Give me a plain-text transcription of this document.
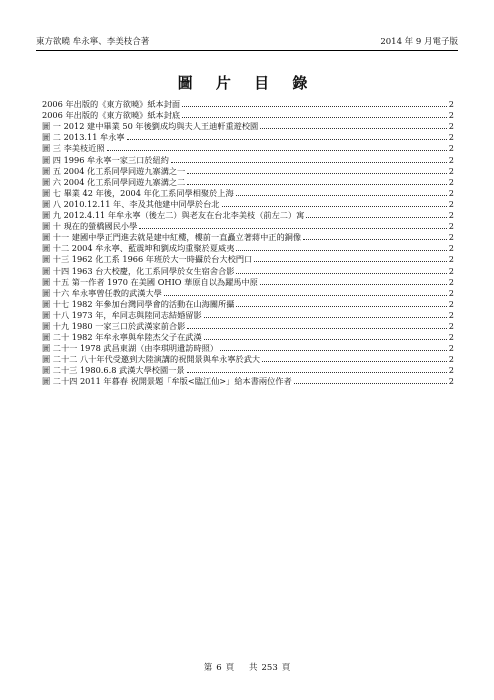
東方欲曉 牟永寧、李美枝合著	2014 年 9 月電子版
圖 片 目 錄
2006 年出版的《東方欲曉》紙本封面	2
2006 年出版的《東方欲曉》紙本封底	2
圖 一 2012 建中畢業 50 年後劉成均與夫人王迪軒重遊校園	2
圖 二 2013.11 牟永寧	2
圖 三 李美枝近照	2
圖 四 1996 牟永寧一家三口於紐約	2
圖 五 2004 化工系同學同遊九寨溝之一	2
圖 六 2004 化工系同學同遊九寨溝之二	2
圖 七 畢業 42 年後，2004 年化工系同學相聚於上海	2
圖 八 2010.12.11 年、李及其他建中同學於台北	2
圖 九 2012.4.11 年牟永寧（後左二）與老友在台北李美枝（前左二）寓	2
圖 十 現在的螢橋國民小學	2
圖 十一 建國中學正門進去就是建中紅樓，樓前一直矗立著蔣中正的銅像	2
圖 十二 2004 牟永寧、藍震坤和劉成均重聚於夏威夷	2
圖 十三 1962 化工系 1966 年班於大一時攝於台大校門口	2
圖 十四 1963 台大校慶，化工系同學於女生宿舍合影	2
圖 十五 第一作者 1970 在美國 OHIO 華原自以為躍馬中原	2
圖 十六 牟永寧曾任教的武漢大學	2
圖 十七 1982 年參加台灣同學會的活動在山海關所攝	2
圖 十八 1973 年，牟同志與陸同志結婚留影	2
圖 十九 1980 一家三口於武漢家前合影	2
圖 二十 1982 年牟永寧與牟陸杰父子在武漢	2
圖 二十一 1978 武昌東湖（由李琪明遺訪時照）	2
圖 二十二 八十年代受邀到大陸演講的祝開景與牟永寧於武大	2
圖 二十三 1980.6.8 武漢大學校園一景	2
圖 二十四 2011 年暮春 祝開景題「牟版<臨江仙>」給本書兩位作者	2
第 6 頁 共 253 頁
